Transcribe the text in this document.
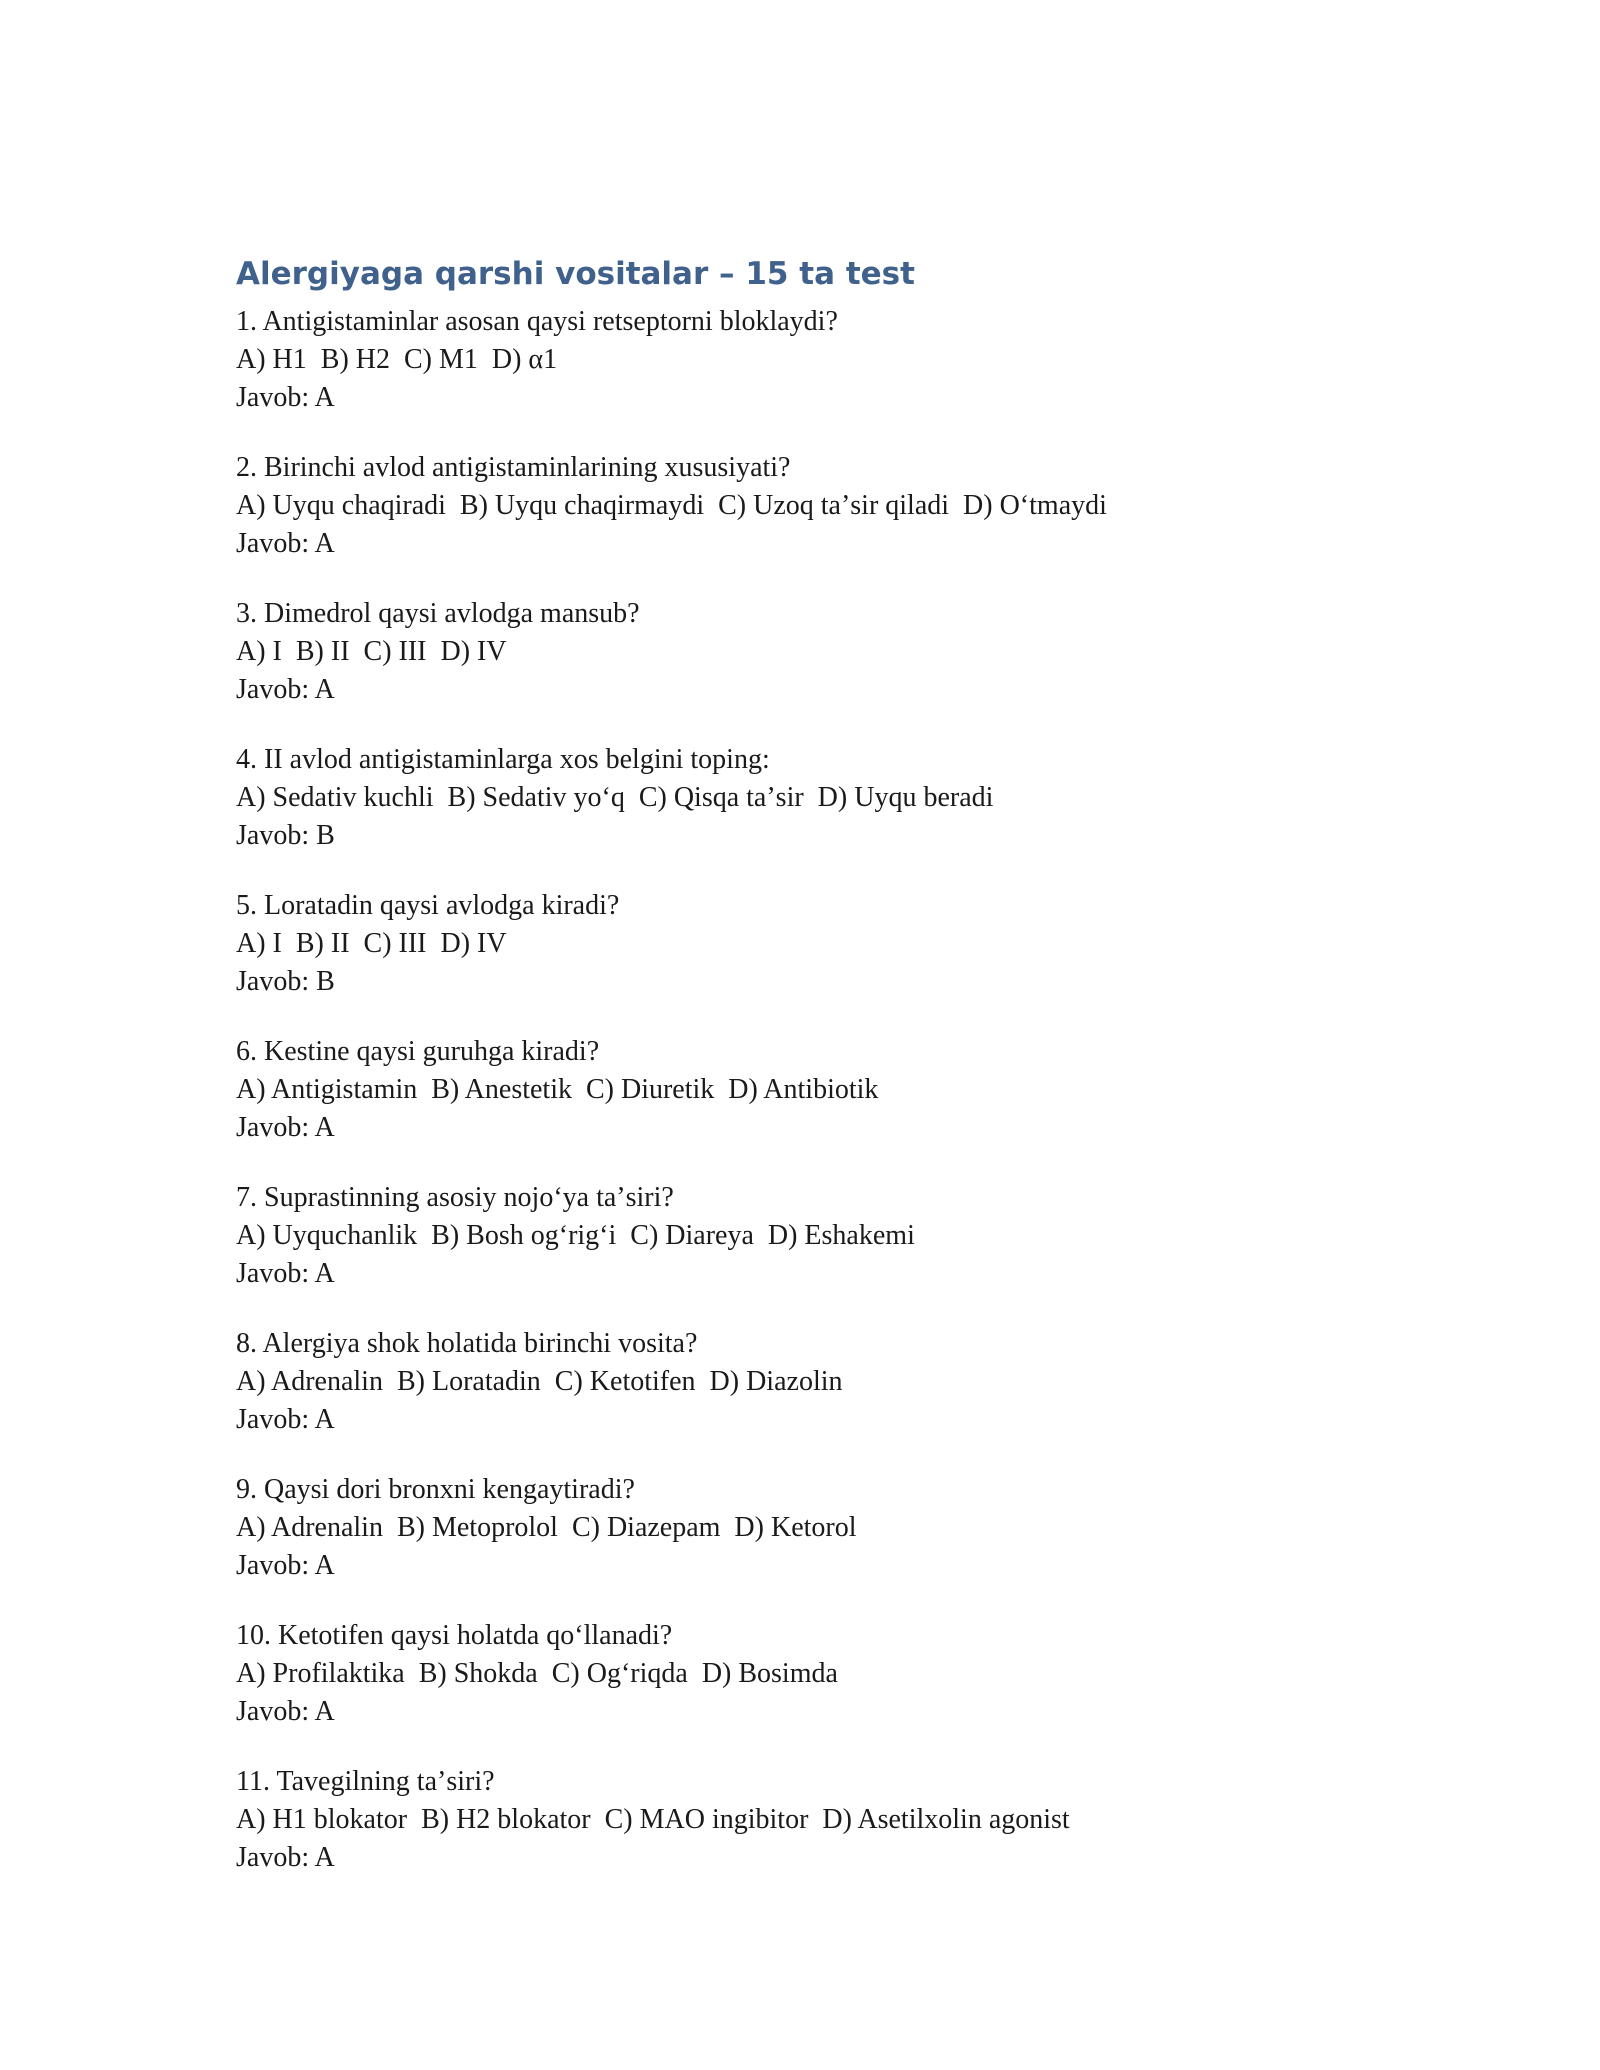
Alergiyaga qarshi vositalar – 15 ta test
1. Antigistaminlar asosan qaysi retseptorni bloklaydi?
A) H1  B) H2  C) M1  D) α1
Javob: A
2. Birinchi avlod antigistaminlarining xususiyati?
A) Uyqu chaqiradi  B) Uyqu chaqirmaydi  C) Uzoq taʼsir qiladi  D) Oʻtmaydi
Javob: A
3. Dimedrol qaysi avlodga mansub?
A) I  B) II  C) III  D) IV
Javob: A
4. II avlod antigistaminlarga xos belgini toping:
A) Sedativ kuchli  B) Sedativ yoʻq  C) Qisqa taʼsir  D) Uyqu beradi
Javob: B
5. Loratadin qaysi avlodga kiradi?
A) I  B) II  C) III  D) IV
Javob: B
6. Kestine qaysi guruhga kiradi?
A) Antigistamin  B) Anestetik  C) Diuretik  D) Antibiotik
Javob: A
7. Suprastinning asosiy nojoʻya taʼsiri?
A) Uyquchanlik  B) Bosh ogʻrigʻi  C) Diareya  D) Eshakemi
Javob: A
8. Alergiya shok holatida birinchi vosita?
A) Adrenalin  B) Loratadin  C) Ketotifen  D) Diazolin
Javob: A
9. Qaysi dori bronxni kengaytiradi?
A) Adrenalin  B) Metoprolol  C) Diazepam  D) Ketorol
Javob: A
10. Ketotifen qaysi holatda qoʻllanadi?
A) Profilaktika  B) Shokda  C) Ogʻriqda  D) Bosimda
Javob: A
11. Tavegilning taʼsiri?
A) H1 blokator  B) H2 blokator  C) MAO ingibitor  D) Asetilxolin agonist
Javob: A
